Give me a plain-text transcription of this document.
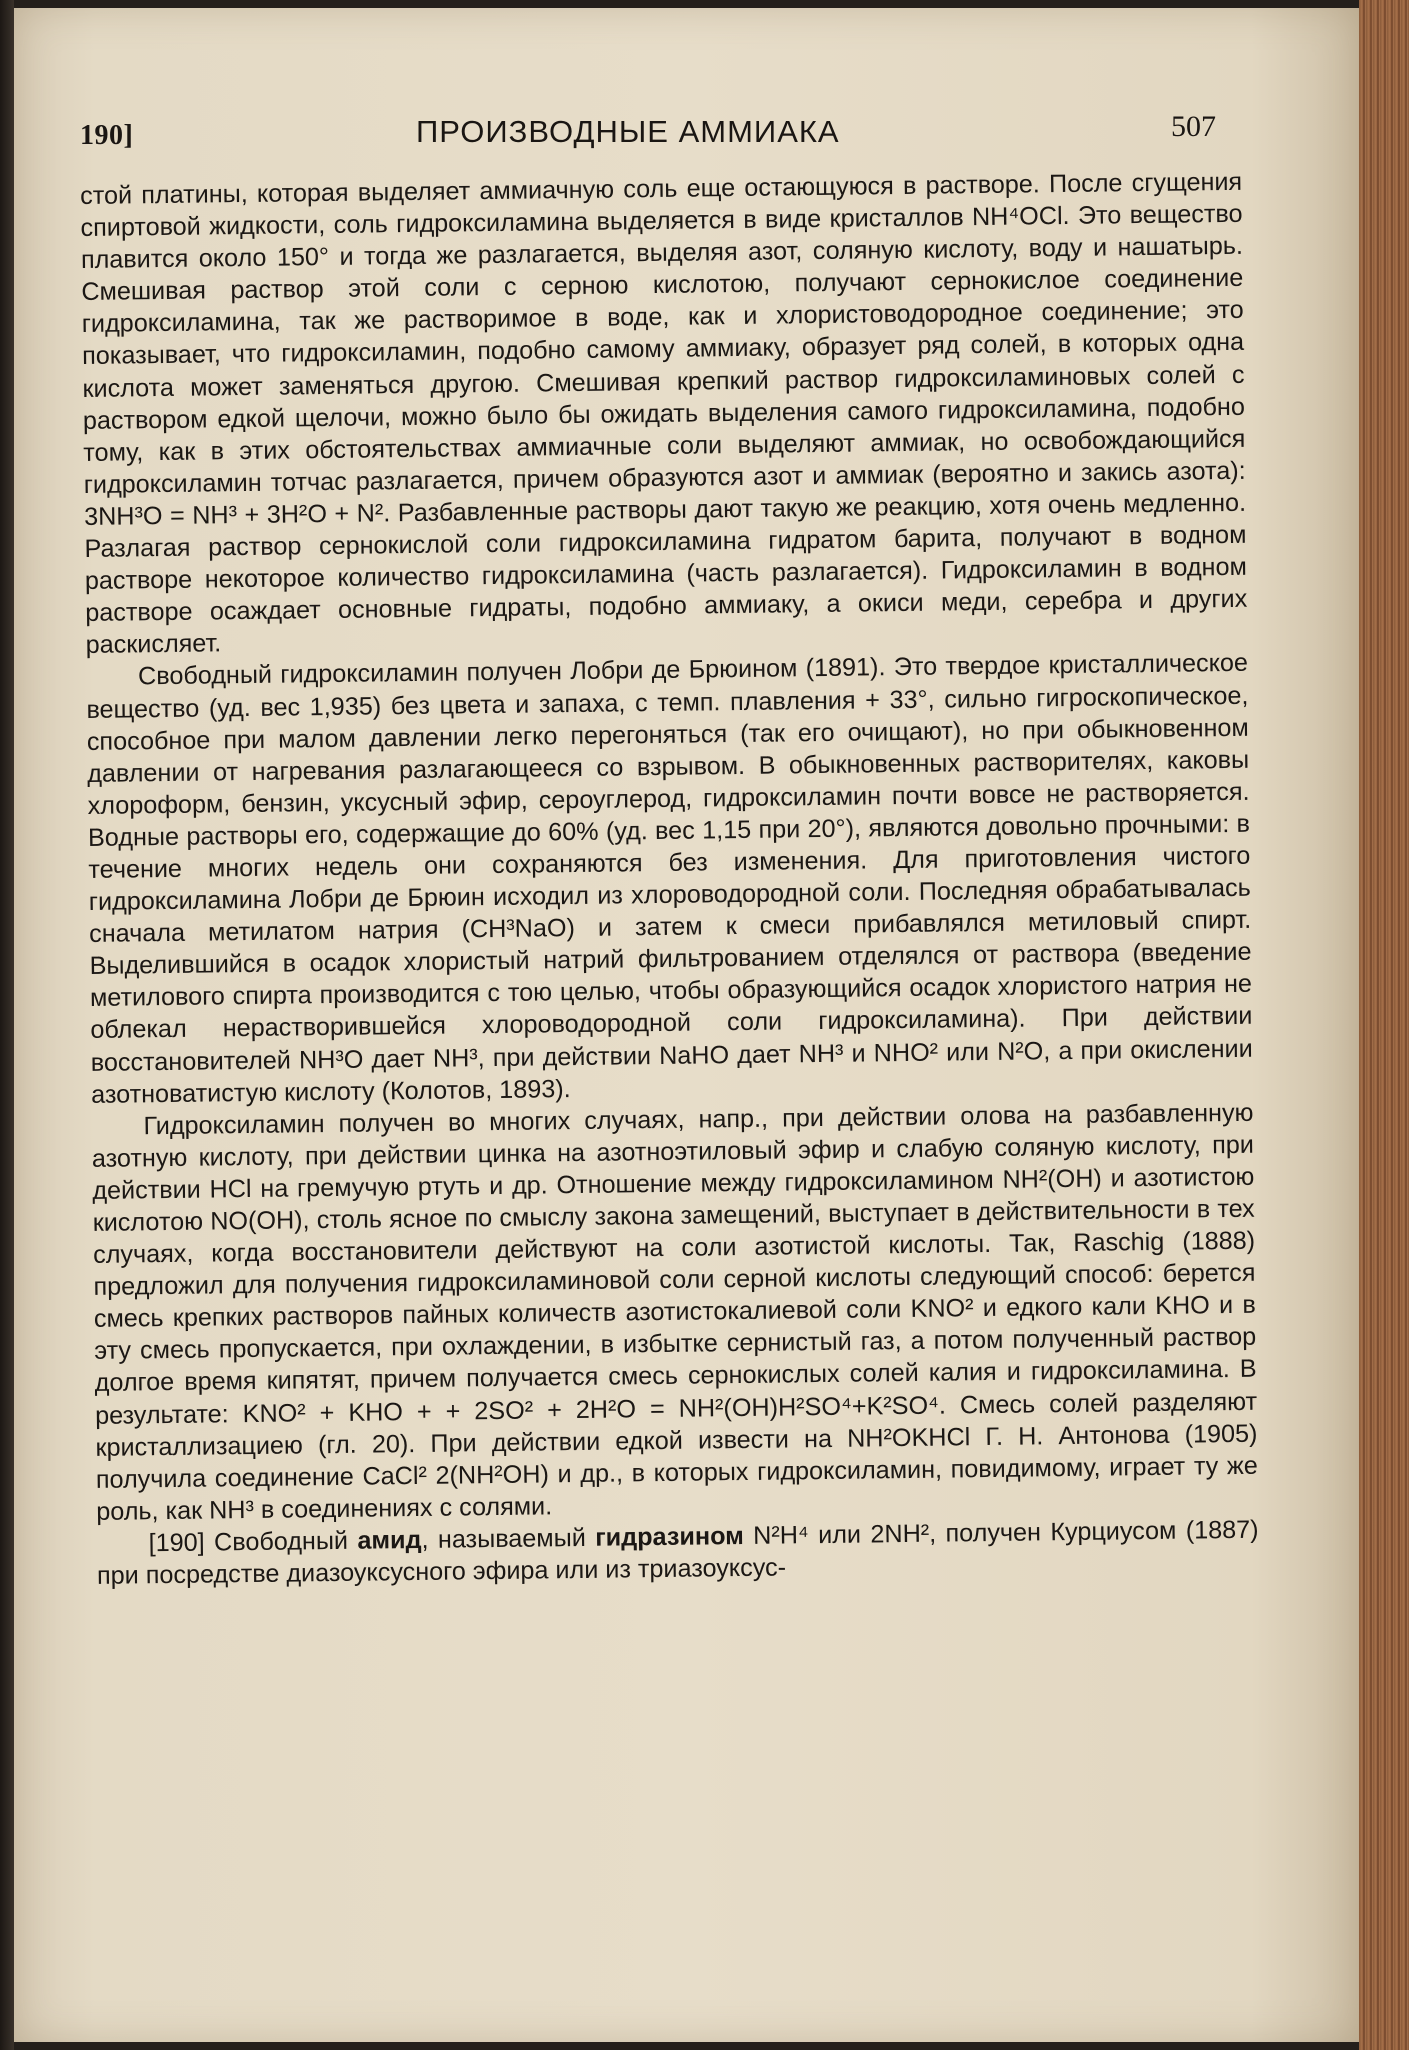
190]	ПРОИЗВОДНЫЕ АММИАКА	507

стой платины, которая выделяет аммиачную соль еще остающуюся в растворе. После сгущения спиртовой жидкости, соль гидроксиламина выделяется в виде кристаллов NH⁴OCl. Это вещество плавится около 150° и тогда же разлагается, выделяя азот, соляную кислоту, воду и нашатырь. Смешивая раствор этой соли с серною кислотою, получают сернокислое соединение гидроксиламина, так же растворимое в воде, как и хлористоводородное соединение; это показывает, что гидроксиламин, подобно самому аммиаку, образует ряд солей, в которых одна кислота может заменяться другою. Смешивая крепкий раствор гидроксиламиновых солей с раствором едкой щелочи, можно было бы ожидать выделения самого гидроксиламина, подобно тому, как в этих обстоятельствах аммиачные соли выделяют аммиак, но освобождающийся гидроксиламин тотчас разлагается, причем образуются азот и аммиак (вероятно и закись азота): 3NH³O = NH³ + 3H²O + N². Разбавленные растворы дают такую же реакцию, хотя очень медленно. Разлагая раствор сернокислой соли гидроксиламина гидратом барита, получают в водном растворе некоторое количество гидроксиламина (часть разлагается). Гидроксиламин в водном растворе осаждает основные гидраты, подобно аммиаку, а окиси меди, серебра и других раскисляет.

Свободный гидроксиламин получен Лобри де Брюином (1891). Это твердое кристаллическое вещество (уд. вес 1,935) без цвета и запаха, с темп. плавления + 33°, сильно гигроскопическое, способное при малом давлении легко перегоняться (так его очищают), но при обыкновенном давлении от нагревания разлагающееся со взрывом. В обыкновенных растворителях, каковы хлороформ, бензин, уксусный эфир, сероуглерод, гидроксиламин почти вовсе не растворяется. Водные растворы его, содержащие до 60% (уд. вес 1,15 при 20°), являются довольно прочными: в течение многих недель они сохраняются без изменения. Для приготовления чистого гидроксиламина Лобри де Брюин исходил из хлороводородной соли. Последняя обрабатывалась сначала метилатом натрия (CH³NaO) и затем к смеси прибавлялся метиловый спирт. Выделившийся в осадок хлористый натрий фильтрованием отделялся от раствора (введение метилового спирта производится с тою целью, чтобы образующийся осадок хлористого натрия не облекал нерастворившейся хлороводородной соли гидроксиламина). При действии восстановителей NH³O дает NH³, при действии NaHO дает NH³ и NHO² или N²O, а при окислении азотноватистую кислоту (Колотов, 1893).

Гидроксиламин получен во многих случаях, напр., при действии олова на разбавленную азотную кислоту, при действии цинка на азотноэтиловый эфир и слабую соляную кислоту, при действии HCl на гремучую ртуть и др. Отношение между гидроксиламином NH²(OH) и азотистою кислотою NO(OH), столь ясное по смыслу закона замещений, выступает в действительности в тех случаях, когда восстановители действуют на соли азотистой кислоты. Так, Raschig (1888) предложил для получения гидроксиламиновой соли серной кислоты следующий способ: берется смесь крепких растворов пайных количеств азотистокалиевой соли KNO² и едкого кали KHO и в эту смесь пропускается, при охлаждении, в избытке сернистый газ, а потом полученный раствор долгое время кипятят, причем получается смесь сернокислых солей калия и гидроксиламина. В результате: KNO² + KHO + + 2SO² + 2H²O = NH²(OH)H²SO⁴+K²SO⁴. Смесь солей разделяют кристаллизациею (гл. 20). При действии едкой извести на NH²OKHCl Г. Н. Антонова (1905) получила соединение CaCl² 2(NH²OH) и др., в которых гидроксиламин, повидимому, играет ту же роль, как NH³ в соединениях с солями.

[190] Свободный амид, называемый гидразином N²H⁴ или 2NH², получен Курциусом (1887) при посредстве диазоуксусного эфира или из триазоуксус-
